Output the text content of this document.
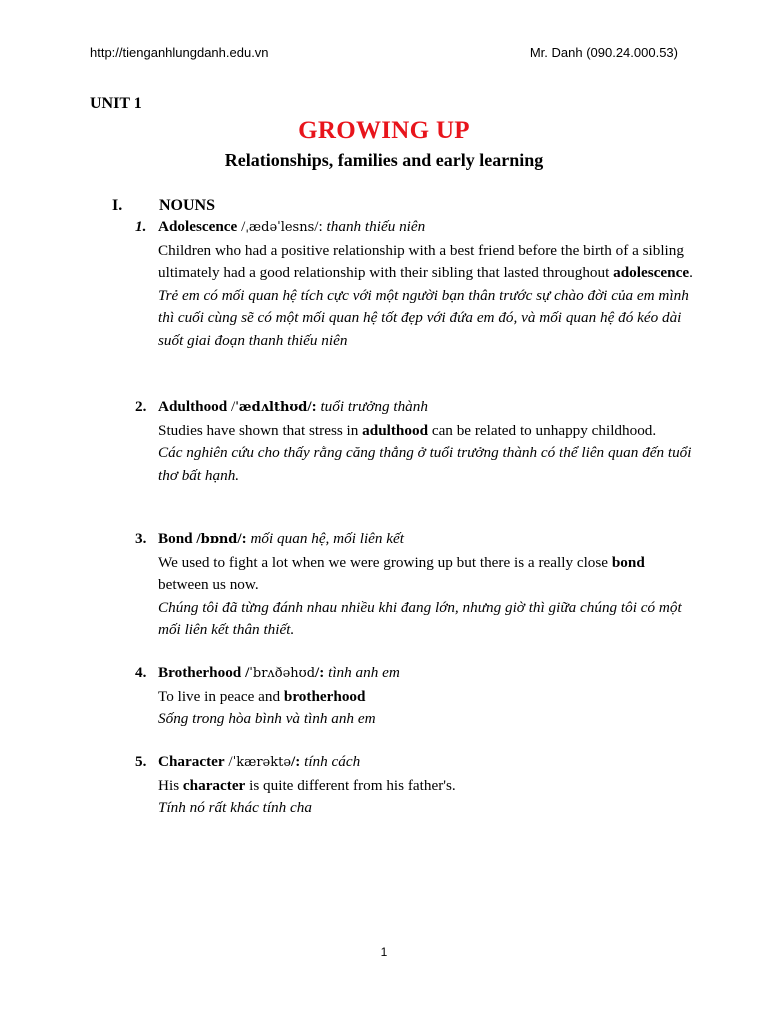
http://tienganhlungdanh.edu.vn	Mr. Danh (090.24.000.53)
UNIT 1
GROWING UP
Relationships, families and early learning
I. NOUNS
1. Adolescence /ˌædəˈlesns/: thanh thiếu niên
Children who had a positive relationship with a best friend before the birth of a sibling ultimately had a good relationship with their sibling that lasted throughout adolescence.
Trẻ em có mối quan hệ tích cực với một người bạn thân trước sự chào đời của em mình thì cuối cùng sẽ có một mối quan hệ tốt đẹp với đứa em đó, và mối quan hệ đó kéo dài suốt giai đoạn thanh thiếu niên
2. Adulthood /ˈædʌlthʊd/: tuổi trưởng thành
Studies have shown that stress in adulthood can be related to unhappy childhood.
Các nghiên cứu cho thấy rằng căng thẳng ở tuổi trưởng thành có thể liên quan đến tuổi thơ bất hạnh.
3. Bond /bɒnd/: mối quan hệ, mối liên kết
We used to fight a lot when we were growing up but there is a really close bond between us now.
Chúng tôi đã từng đánh nhau nhiều khi đang lớn, nhưng giờ thì giữa chúng tôi có một mối liên kết thân thiết.
4. Brotherhood /ˈbrʌðəhʊd/: tình anh em
To live in peace and brotherhood
Sống trong hòa bình và tình anh em
5. Character /ˈkærəktə/: tính cách
His character is quite different from his father's.
Tính nó rất khác tính cha
1
